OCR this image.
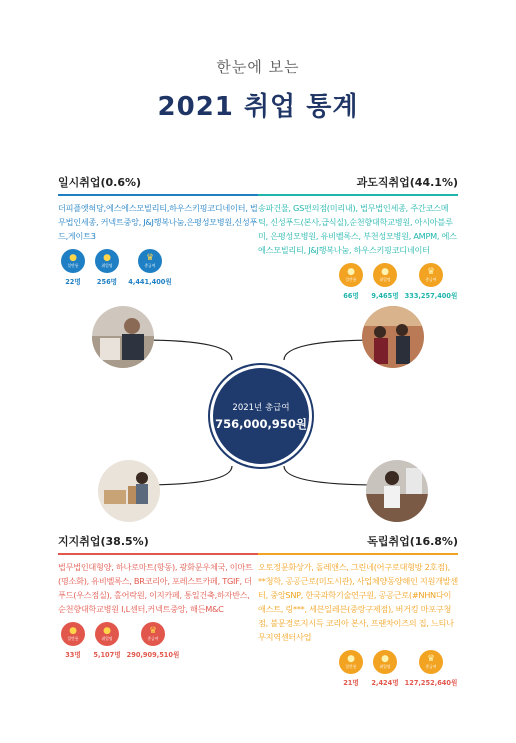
한눈에 보는
2021 취업 통계
일시취업(0.6%)
더피플엣혀당,에스에스모빌리티,하우스키핑코디네이터, 법무법인세종, 커넥트중앙, J&J행복나눔,은평성모병원,신성푸드,게이트3
●
일반통
22명
●
취업명
256명
♛
총급여
4,441,400원
과도직취업(44.1%)
송파건물, GS편의점(미리내), 법무법인세종, 주간코스메틱, 신성푸드(본사,급식실),순천향대학교병원, 아시아블루미, 은평성모병원, 유비벨록스, 부천성모병원, AMPM, 에스에스모빌리티, J&J행복나눔, 하우스키핑코디네이터
●
일반통
66명
●
취업명
9,465명
♛
총급여
333,257,400원
2021년 총급여
756,000,950원
지지취업(38.5%)
법무법인대형양, 하나로마트(항동), 광화문우체국, 이마트(명소화), 유비벨록스, BR코리아, 포레스트카페, TGIF, 더푸드(우스점실), 홀어락원, 이지카페, 통일건축,하자반스, 순천향대학교병원 I,L센터,커넥트중앙, 해든M&C
●
일반통
33명
●
취업명
5,107명
♛
총급여
290,909,510원
독립취업(16.8%)
오토정문화상가, 돌레앤스, 그린네(어구로대형방 2호점), **청학, 공공근로(미도시관), 사업체양동양해인 지원개발센터, 중앙SNP, 한국과학기술연구원, 공공근로(#NHN다이애스트, 링***, 세븐일레븐(중랑구제점), 버거킹 마포구청점, 불문경로지시득 코리아 본사, 프랜차이즈의 집, 느티나무지역센터사업
●
일반통
21명
●
취업명
2,424명
♛
총급여
127,252,640원
